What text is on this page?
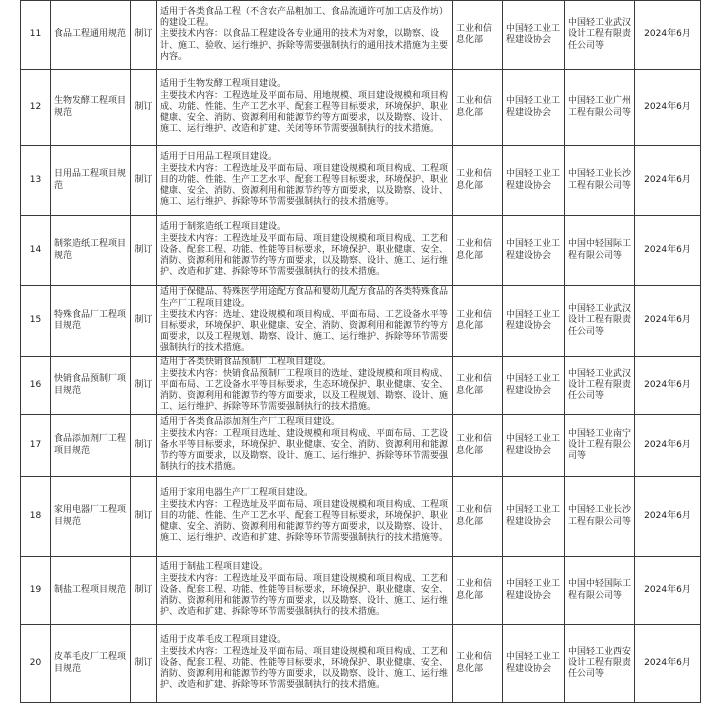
11	食品工程通用规范	制订	适用于各类食品工程（不含农产品粗加工、食品流通许可加工店及作坊）的建设工程。

主要技术内容：以食品工程建设各专业通用的技术为对象，以勘察、设计、施工、验收、运行维护、拆除等需要强制执行的通用技术措施为主要内容。	工业和信息化部	中国轻工业工程建设协会	中国轻工业武汉设计工程有限责任公司等	2024年6月
12	生物发酵工程项目规范	制订	适用于生物发酵工程项目建设。

主要技术内容：工程选址及平面布局、用地规模、项目建设规模和项目构成、功能、性能、生产工艺水平、配套工程等目标要求，环境保护、职业健康、安全、消防、资源利用和能源节约等方面要求，以及勘察、设计、施工、运行维护、改造和扩建、关闭等环节需要强制执行的技术措施。	工业和信息化部	中国轻工业工程建设协会	中国轻工业广州工程有限公司等	2024年6月
13	日用品工程项目规范	制订	适用于日用品工程项目建设。

主要技术内容：工程选址及平面布局、项目建设规模和项目构成、工程项目的功能、性能、生产工艺水平、配套工程等目标要求，环境保护、职业健康、安全、消防、资源利用和能源节约等方面要求，以及勘察、设计、施工、运行维护、拆除等环节需要强制执行的技术措施等。	工业和信息化部	中国轻工业工程建设协会	中国轻工业长沙工程有限公司等	2024年6月
14	制浆造纸工程项目规范	制订	适用于制浆造纸工程项目建设。

主要技术内容：工程选址及平面布局、项目建设规模和项目构成、工艺和设备、配套工程、功能、性能等目标要求，环境保护、职业健康、安全、消防、资源利用和能源节约等方面要求，以及勘察、设计、施工、运行维护、改造和扩建、拆除等环节需要强制执行的技术措施。	工业和信息化部	中国轻工业工程建设协会	中国中轻国际工程有限公司等	2024年6月
15	特殊食品厂工程项目规范	制订	适用于保健品、特殊医学用途配方食品和婴幼儿配方食品的各类特殊食品生产厂工程项目建设。

主要技术内容：选址、建设规模和项目构成、平面布局、工艺设备水平等目标要求，环境保护、职业健康、安全、消防、资源利用和能源节约等方面要求，以及工程规划、勘察、设计、施工、运行维护、拆除等环节需要强制执行的技术措施。	工业和信息化部	中国轻工业工程建设协会	中国轻工业武汉设计工程有限责任公司等	2024年6月
16	快销食品预制厂项目规范	制订	适用于各类快销食品预制厂工程项目建设。

主要技术内容：快销食品预制厂工程项目的选址、建设规模和项目构成、平面布局、工艺设备水平等目标要求，生态环境保护、职业健康、安全、消防、资源利用和能源节约等方面要求，以及工程规划、勘察、设计、施工、运行维护、拆除等环节需要强制执行的技术措施。	工业和信息化部	中国轻工业工程建设协会	中国轻工业武汉设计工程有限责任公司等	2024年6月
17	食品添加剂厂工程项目规范	制订	适用于各类食品添加剂生产厂工程项目建设。

主要技术内容：工程项目选址、建设规模和项目构成、平面布局、工艺设备水平等目标要求，环境保护、职业健康、安全、消防、资源利用和能源节约等方面要求，以及勘察、设计、施工、运行维护、拆除等环节需要强制执行的技术措施。	工业和信息化部	中国轻工业工程建设协会	中国轻工业南宁设计工程有限公司等	2024年6月
18	家用电器厂工程项目规范	制订	适用于家用电器生产厂工程项目建设。

主要技术内容：工程选址及平面布局、项目建设规模和项目构成、工程项目的功能、性能、生产工艺水平、配套工程等目标要求，环境保护、职业健康、安全、消防、资源利用和能源节约等方面要求，以及勘察、设计、施工、运行维护、改造和扩建、拆除等环节需要强制执行的技术措施等。	工业和信息化部	中国轻工业工程建设协会	中国轻工业长沙工程有限公司等	2024年6月
19	制盐工程项目规范	制订	适用于制盐工程项目建设。

主要技术内容：工程选址及平面布局、项目建设规模和项目构成、工艺和设备、配套工程、功能、性能等目标要求，环境保护、职业健康、安全、消防、资源利用和能源节约等方面要求，以及勘察、设计、施工、运行维护、改造和扩建、拆除等环节需要强制执行的技术措施。	工业和信息化部	中国轻工业工程建设协会	中国中轻国际工程有限公司等	2024年6月
20	皮革毛皮厂工程项目规范	制订	适用于皮革毛皮工程项目建设。

主要技术内容：工程选址及平面布局、项目建设规模和项目构成、工艺和设备、配套工程、功能、性能等目标要求，环境保护、职业健康、安全、消防、资源利用和能源节约等方面要求，以及勘察、设计、施工、运行维护、改造和扩建、拆除等环节需要强制执行的技术措施。	工业和信息化部	中国轻工业工程建设协会	中国轻工业西安设计工程有限责任公司等	2024年6月
